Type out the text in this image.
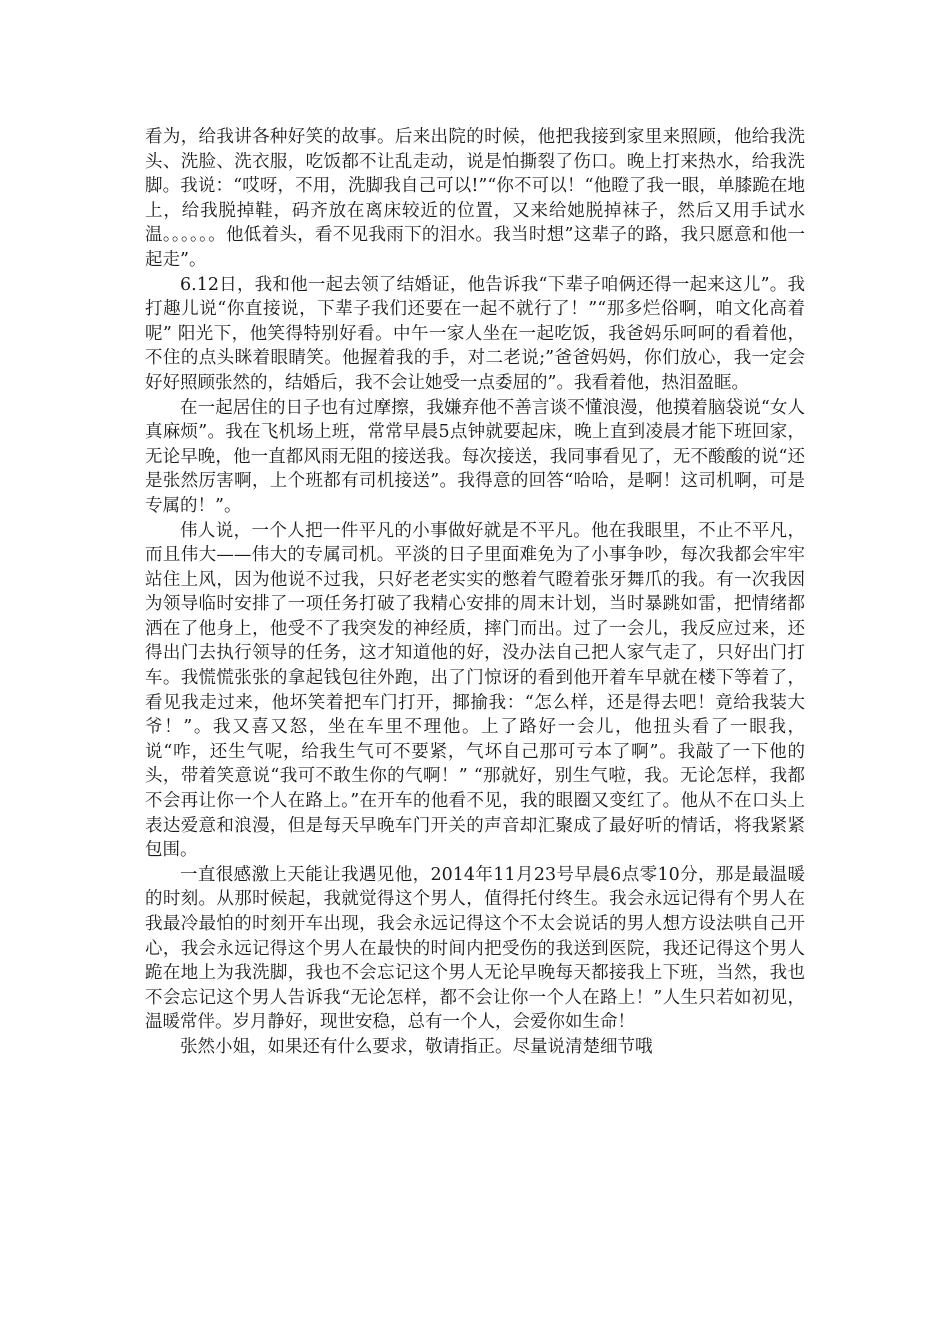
看为，给我讲各种好笑的故事。后来出院的时候，他把我接到家里来照顾，他给我洗头、洗脸、洗衣服，吃饭都不让乱走动，说是怕撕裂了伤口。晚上打来热水，给我洗脚。我说：“哎呀，不用，洗脚我自己可以!”“你不可以！“他瞪了我一眼，单膝跪在地上，给我脱掉鞋，码齐放在离床较近的位置，又来给她脱掉袜子，然后又用手试水温。。。。。。他低着头，看不见我雨下的泪水。我当时想”这辈子的路，我只愿意和他一起走”。

6.12日，我和他一起去领了结婚证，他告诉我“下辈子咱俩还得一起来这儿”。我打趣儿说“你直接说，下辈子我们还要在一起不就行了！”“那多烂俗啊，咱文化高着呢” 阳光下，他笑得特别好看。中午一家人坐在一起吃饭，我爸妈乐呵呵的看着他，不住的点头眯着眼睛笑。他握着我的手，对二老说;”爸爸妈妈，你们放心，我一定会好好照顾张然的，结婚后，我不会让她受一点委屈的”。我看着他，热泪盈眶。

在一起居住的日子也有过摩擦，我嫌弃他不善言谈不懂浪漫，他摸着脑袋说“女人真麻烦”。我在飞机场上班，常常早晨5点钟就要起床，晚上直到凌晨才能下班回家，无论早晚，他一直都风雨无阻的接送我。每次接送，我同事看见了，无不酸酸的说“还是张然厉害啊，上个班都有司机接送”。我得意的回答“哈哈，是啊！这司机啊，可是专属的！”。

伟人说，一个人把一件平凡的小事做好就是不平凡。他在我眼里，不止不平凡，而且伟大——伟大的专属司机。平淡的日子里面难免为了小事争吵，每次我都会牢牢站住上风，因为他说不过我，只好老老实实的憋着气瞪着张牙舞爪的我。有一次我因为领导临时安排了一项任务打破了我精心安排的周末计划，当时暴跳如雷，把情绪都洒在了他身上，他受不了我突发的神经质，摔门而出。过了一会儿，我反应过来，还得出门去执行领导的任务，这才知道他的好，没办法自己把人家气走了，只好出门打车。我慌慌张张的拿起钱包往外跑，出了门惊讶的看到他开着车早就在楼下等着了，看见我走过来，他坏笑着把车门打开，揶揄我：“怎么样，还是得去吧！竟给我装大爷！”。我又喜又怒，坐在车里不理他。上了路好一会儿，他扭头看了一眼我，说“咋，还生气呢，给我生气可不要紧，气坏自己那可亏本了啊”。我敲了一下他的头，带着笑意说“我可不敢生你的气啊！” “那就好，别生气啦，我。无论怎样，我都不会再让你一个人在路上。”在开车的他看不见，我的眼圈又变红了。他从不在口头上表达爱意和浪漫，但是每天早晚车门开关的声音却汇聚成了最好听的情话，将我紧紧包围。

一直很感激上天能让我遇见他，2014年11月23号早晨6点零10分，那是最温暖的时刻。从那时候起，我就觉得这个男人，值得托付终生。我会永远记得有个男人在我最冷最怕的时刻开车出现，我会永远记得这个不太会说话的男人想方设法哄自己开心，我会永远记得这个男人在最快的时间内把受伤的我送到医院，我还记得这个男人跪在地上为我洗脚，我也不会忘记这个男人无论早晚每天都接我上下班，当然，我也不会忘记这个男人告诉我“无论怎样，都不会让你一个人在路上！”人生只若如初见，温暖常伴。岁月静好，现世安稳，总有一个人，会爱你如生命！

张然小姐，如果还有什么要求，敬请指正。尽量说清楚细节哦
